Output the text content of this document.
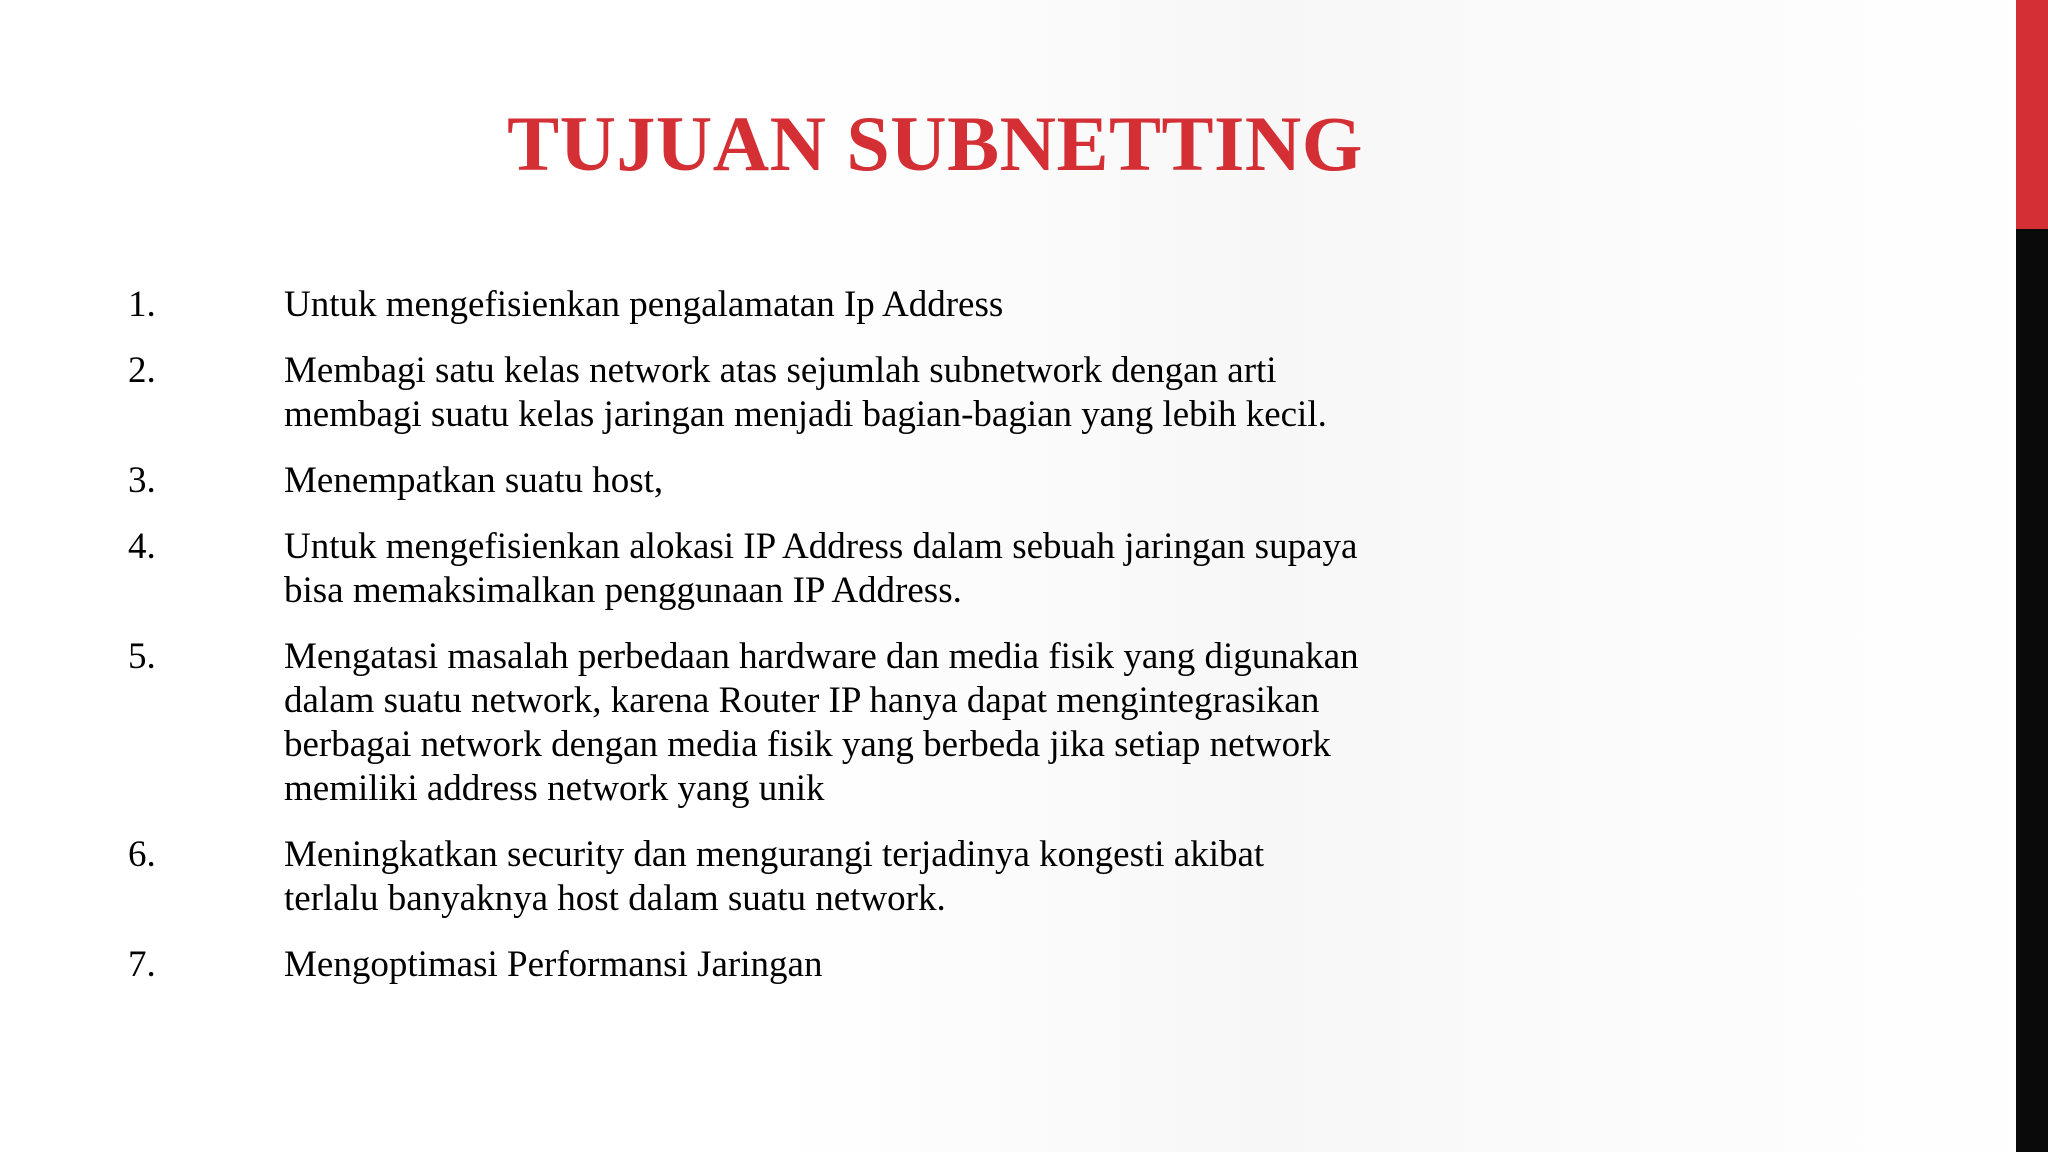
TUJUAN SUBNETTING
1.	Untuk mengefisienkan pengalamatan Ip Address
2.	Membagi satu kelas network atas sejumlah subnetwork dengan arti
membagi suatu kelas jaringan menjadi bagian-bagian yang lebih kecil.
3.	Menempatkan suatu host,
4.	Untuk mengefisienkan alokasi IP Address dalam sebuah jaringan supaya
bisa memaksimalkan penggunaan IP Address.
5.	Mengatasi masalah perbedaan hardware dan media fisik yang digunakan
dalam suatu network, karena Router IP hanya dapat mengintegrasikan
berbagai network dengan media fisik yang berbeda jika setiap network
memiliki address network yang unik
6.	Meningkatkan security dan mengurangi terjadinya kongesti akibat
terlalu banyaknya host dalam suatu network.
7.	Mengoptimasi Performansi Jaringan
